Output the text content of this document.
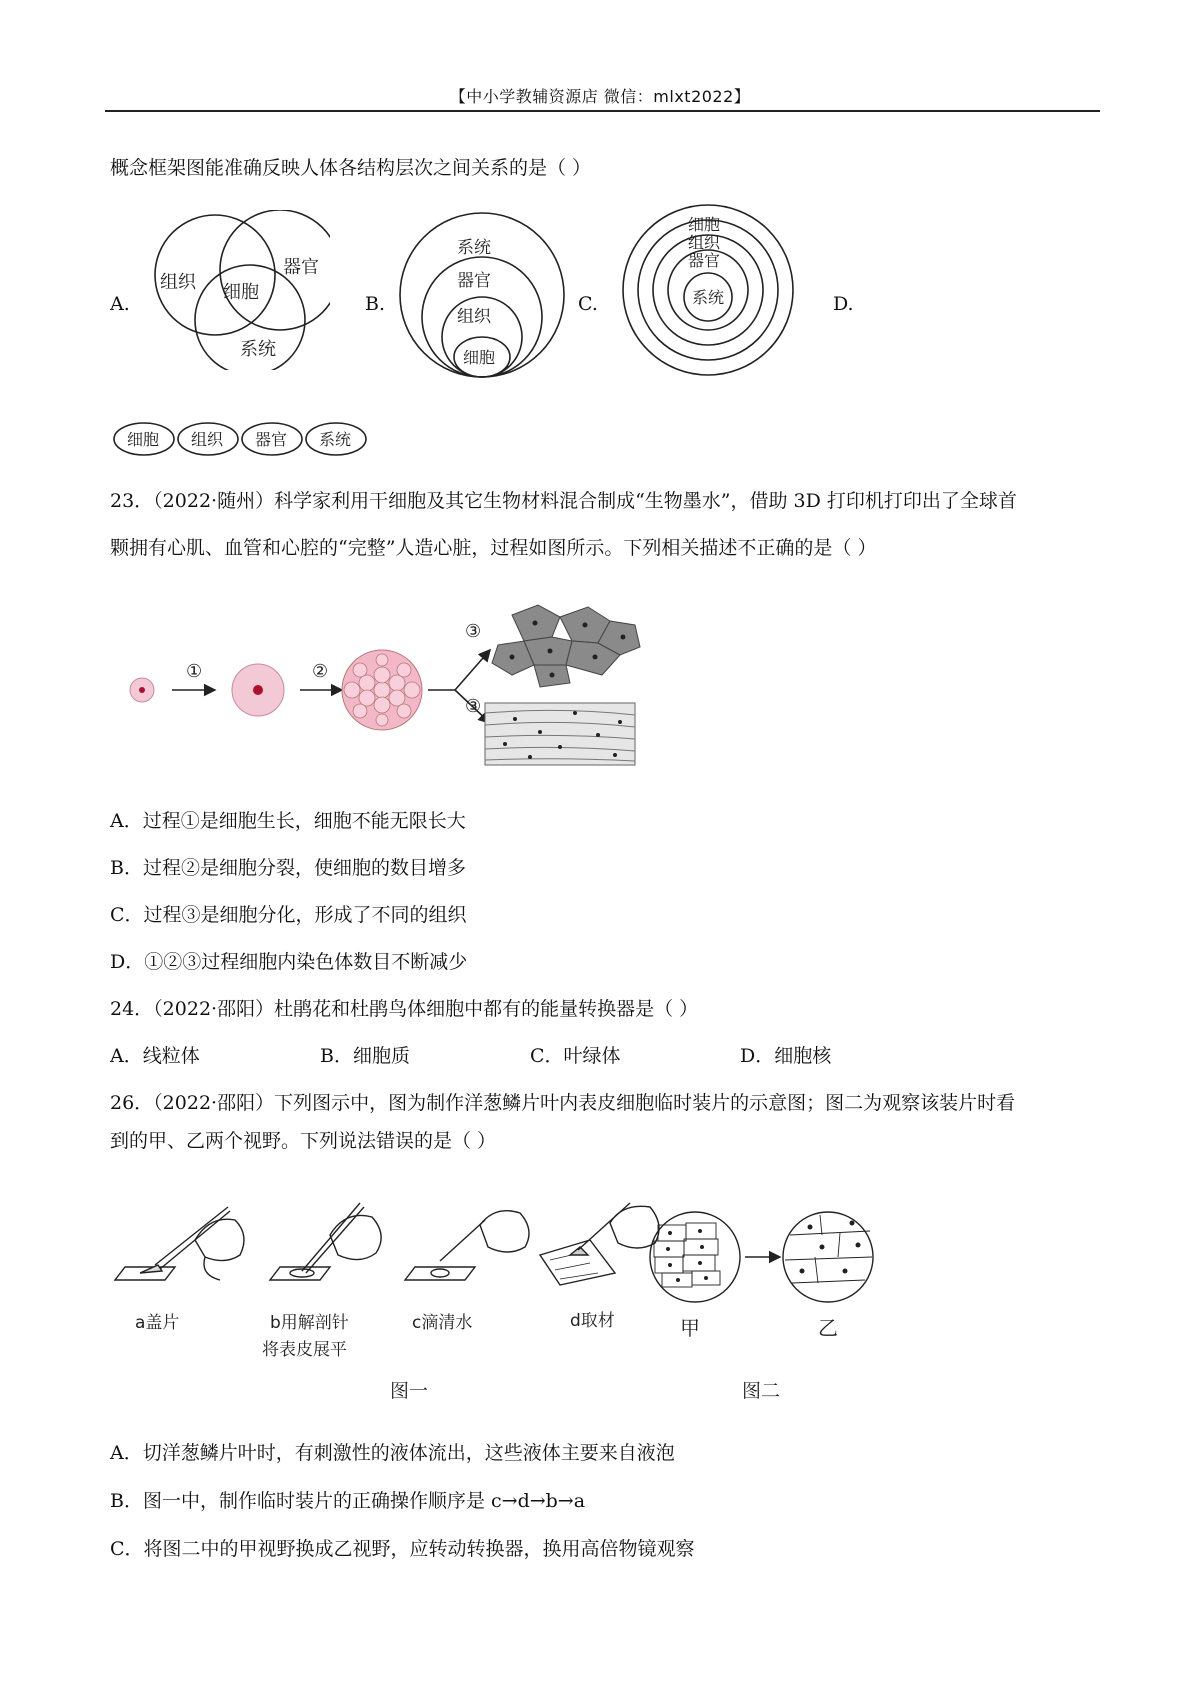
【中小学教辅资源店 微信：mlxt2022】
概念框架图能准确反映人体各结构层次之间关系的是（ ）
A.
组织
器官
细胞
系统
B.
系统
器官
组织
细胞
C.
细胞
组织
器官
系统	D.
细胞 组织 器官 系统
23．（2022·随州）科学家利用干细胞及其它生物材料混合制成“生物墨水”，借助 3D 打印机打印出了全球首
颗拥有心肌、血管和心腔的“完整”人造心脏，过程如图所示。下列相关描述不正确的是（ ）
①	②
③
③
A．过程①是细胞生长，细胞不能无限长大
B．过程②是细胞分裂，使细胞的数目增多
C．过程③是细胞分化，形成了不同的组织
D．①②③过程细胞内染色体数目不断减少
24．（2022·邵阳）杜鹃花和杜鹃鸟体细胞中都有的能量转换器是（ ）
A．线粒体	B．细胞质	C．叶绿体	D．细胞核
26．（2022·邵阳）下列图示中，图为制作洋葱鳞片叶内表皮细胞临时装片的示意图；图二为观察该装片时看
到的甲、乙两个视野。下列说法错误的是（ ）
a盖片	b用解剖针
将表皮展平
c滴清水	d取材	甲	乙
图一	图二
A．切洋葱鳞片叶时，有刺激性的液体流出，这些液体主要来自液泡
B．图一中，制作临时装片的正确操作顺序是 c→d→b→a
C．将图二中的甲视野换成乙视野，应转动转换器，换用高倍物镜观察
